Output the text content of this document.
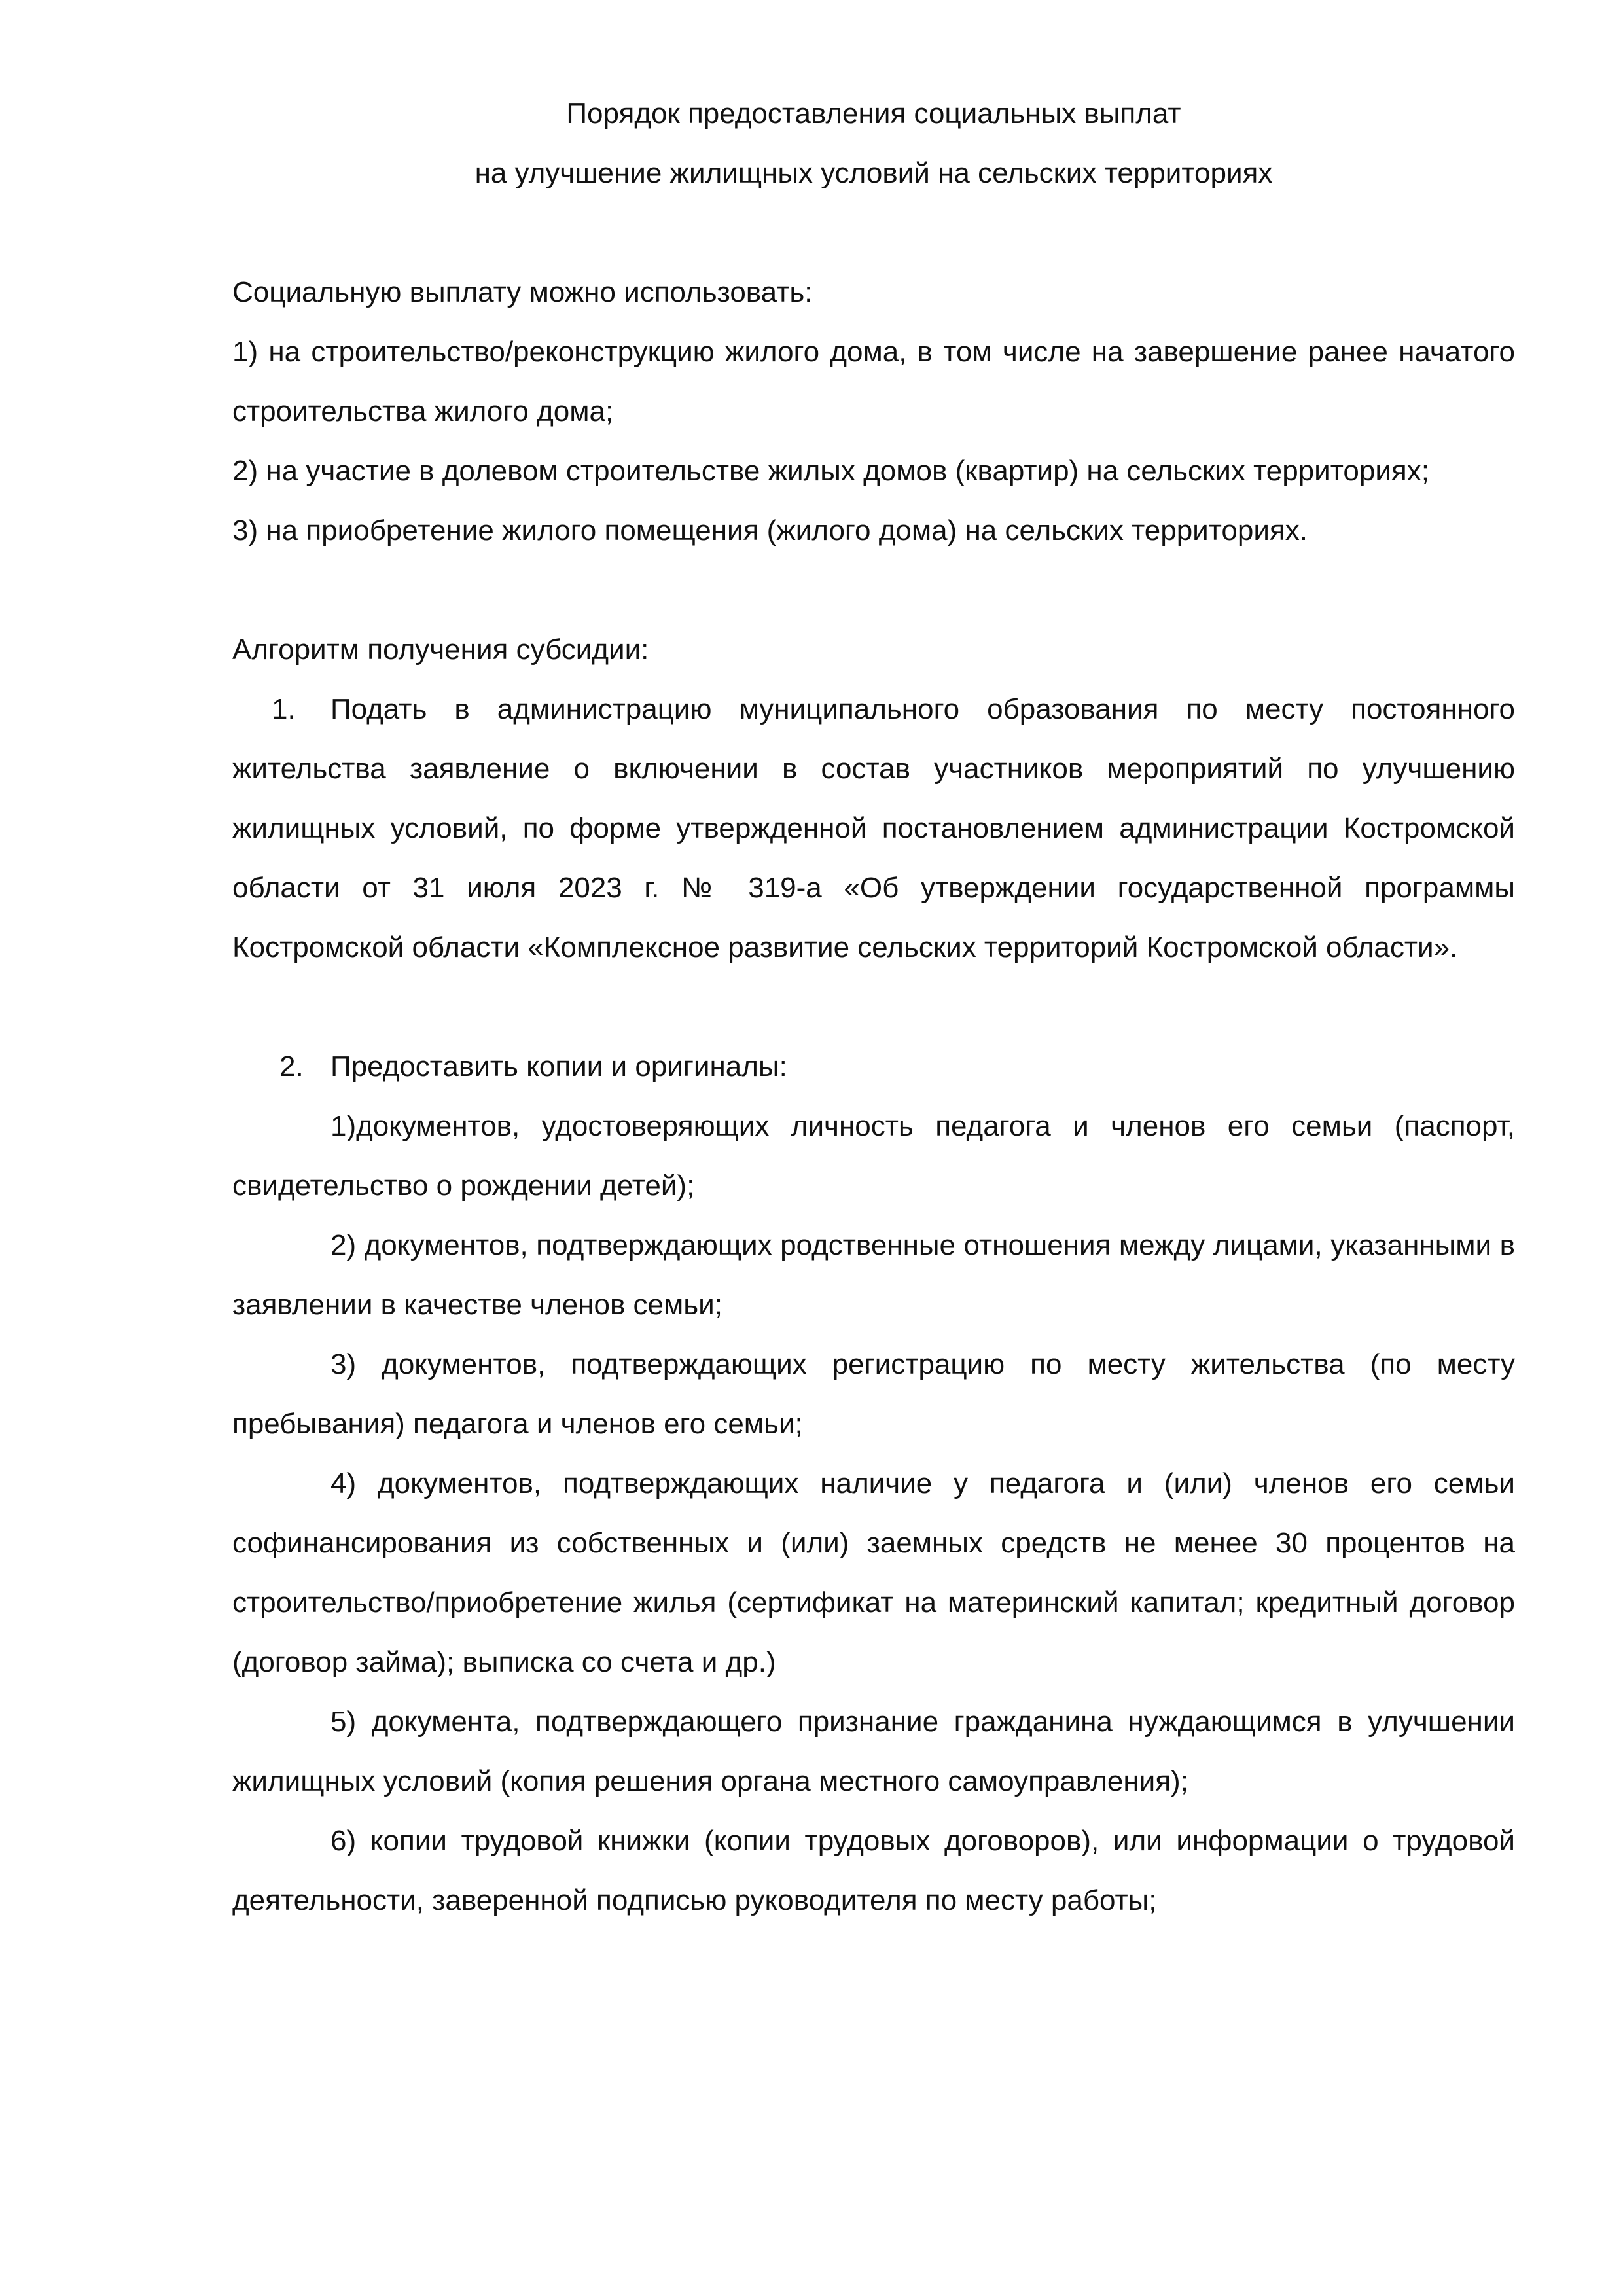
Порядок предоставления социальных выплат

на улучшение жилищных условий на сельских территориях

Социальную выплату можно использовать:

1) на строительство/реконструкцию жилого дома, в том числе на завершение ранее начатого строительства жилого дома;

2) на участие в долевом строительстве жилых домов (квартир) на сельских территориях;

3) на приобретение жилого помещения (жилого дома) на сельских территориях.

Алгоритм получения субсидии:

1. Подать в администрацию муниципального образования по месту постоянного жительства заявление о включении в состав участников мероприятий по улучшению жилищных условий, по форме утвержденной постановлением администрации Костромской области от 31 июля 2023 г. № 319-а «Об утверждении государственной программы Костромской области «Комплексное развитие сельских территорий Костромской области».

2. Предоставить копии и оригиналы:

1)документов, удостоверяющих личность педагога и членов его семьи (паспорт, свидетельство о рождении детей);

2) документов, подтверждающих родственные отношения между лицами, указанными в заявлении в качестве членов семьи;

3) документов, подтверждающих регистрацию по месту жительства (по месту пребывания) педагога и членов его семьи;

4) документов, подтверждающих наличие у педагога и (или) членов его семьи софинансирования из собственных и (или) заемных средств не менее 30 процентов на строительство/приобретение жилья (сертификат на материнский капитал; кредитный договор (договор займа); выписка со счета и др.)

5) документа, подтверждающего признание гражданина нуждающимся в улучшении жилищных условий (копия решения органа местного самоуправления);

6) копии трудовой книжки (копии трудовых договоров), или информации о трудовой деятельности, заверенной подписью руководителя по месту работы;
